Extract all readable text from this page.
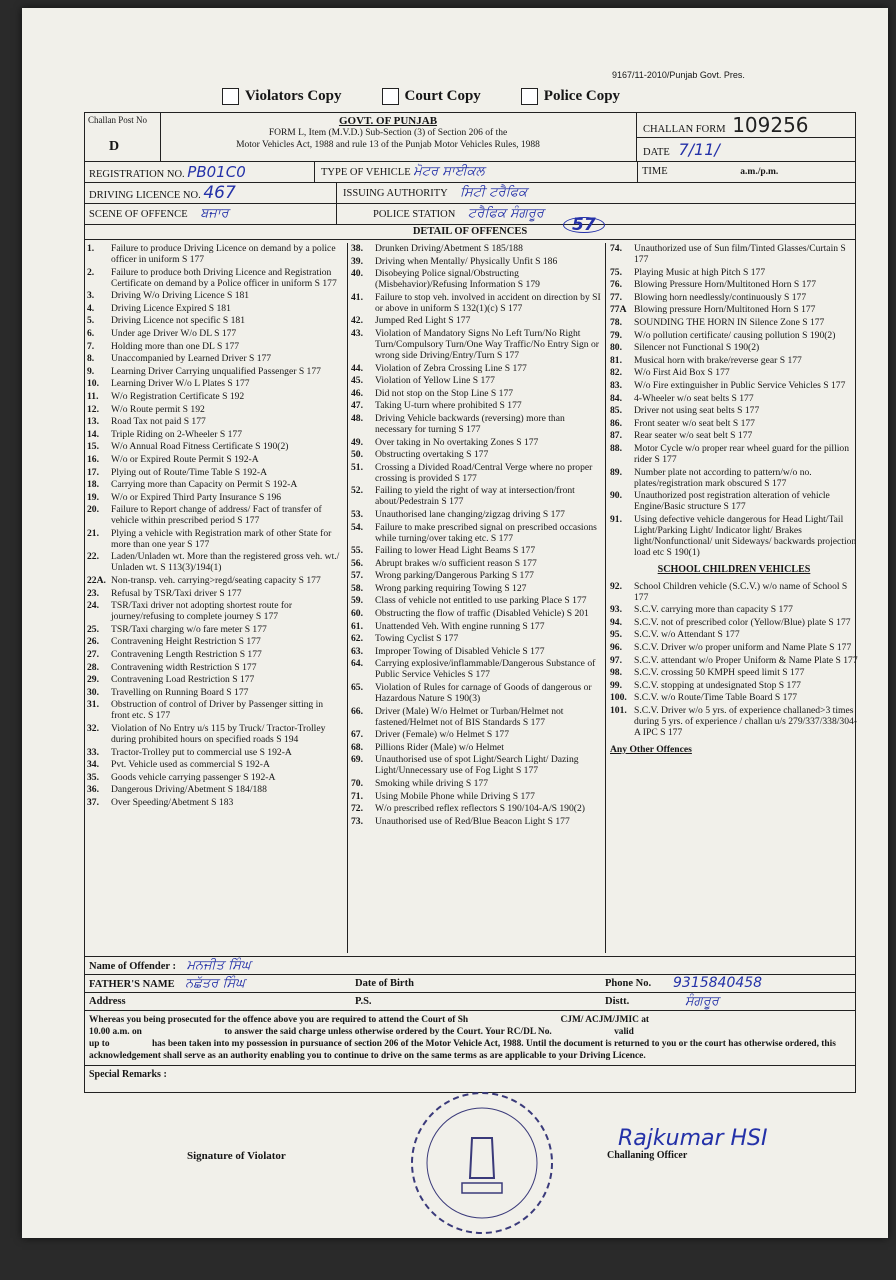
9167/11-2010/Punjab Govt. Pres.
Violators Copy	Court Copy	Police Copy
Challan Post No
D
GOVT. OF PUNJAB
FORM L, Item (M.V.D.) Sub-Section (3) of Section 206 of the
Motor Vehicles Act, 1988 and rule 13 of the Punjab Motor Vehicles Rules, 1988
CHALLAN FORM 109256
DATE 7/11/
REGISTRATION NO. PB01C0	TYPE OF VEHICLE ਮੋਟਰ ਸਾਈਕਲ	TIME	a.m./p.m.
DRIVING LICENCE NO. 467	ISSUING AUTHORITY ਸਿਟੀ ਟਰੈਫਿਕ
SCENE OF OFFENCE ਬਜਾਰ	POLICE STATION ਟਰੈਫਿਕ ਸੰਗਰੂਰ
DETAIL OF OFFENCES	57
1.	Failure to produce Driving Licence on demand by a police officer in uniform S 177
2.	Failure to produce both Driving Licence and Registration Certificate on demand by a Police officer in uniform S 177
3.	Driving W/o Driving Licence S 181
4.	Driving Licence Expired S 181
5.	Driving Licence not specific S 181
6.	Under age Driver W/o DL S 177
7.	Holding more than one DL S 177
8.	Unaccompanied by Learned Driver S 177
9.	Learning Driver Carrying unqualified Passenger S 177
10.	Learning Driver W/o L Plates S 177
11.	W/o Registration Certificate S 192
12.	W/o Route permit S 192
13.	Road Tax not paid S 177
14.	Triple Riding on 2-Wheeler S 177
15.	W/o Annual Road Fitness Certificate S 190(2)
16.	W/o or Expired Route Permit S 192-A
17.	Plying out of Route/Time Table S 192-A
18.	Carrying more than Capacity on Permit S 192-A
19.	W/o or Expired Third Party Insurance S 196
20.	Failure to Report change of address/ Fact of transfer of vehicle within prescribed period S 177
21.	Plying a vehicle with Registration mark of other State for more than one year S 177
22.	Laden/Unladen wt. More than the registered gross veh. wt./ Unladen wt. S 113(3)/194(1)
22A. Non-transp. veh. carrying>regd/seating capacity S 177
23.	Refusal by TSR/Taxi driver S 177
24.	TSR/Taxi driver not adopting shortest route for journey/refusing to complete journey S 177
25.	TSR/Taxi charging w/o fare meter S 177
26.	Contravening Height Restriction S 177
27.	Contravening Length Restriction S 177
28.	Contravening width Restriction S 177
29.	Contravening Load Restriction S 177
30.	Travelling on Running Board S 177
31.	Obstruction of control of Driver by Passenger sitting in front etc. S 177
32.	Violation of No Entry u/s 115 by Truck/ Tractor-Trolley during prohibited hours on specified roads S 194
33.	Tractor-Trolley put to commercial use S 192-A
34.	Pvt. Vehicle used as commercial S 192-A
35.	Goods vehicle carrying passenger S 192-A
36.	Dangerous Driving/Abetment S 184/188
37.	Over Speeding/Abetment S 183
38.	Drunken Driving/Abetment S 185/188
39.	Driving when Mentally/ Physically Unfit S 186
40.	Disobeying Police signal/Obstructing (Misbehavior)/Refusing Information S 179
41.	Failure to stop veh. involved in accident on direction by SI or above in uniform S 132(1)(c) S 177
42.	Jumped Red Light S 177
43.	Violation of Mandatory Signs No Left Turn/No Right Turn/Compulsory Turn/One Way Traffic/No Entry Sign or wrong side Driving/Entry/Turn S 177
44.	Violation of Zebra Crossing Line S 177
45.	Violation of Yellow Line S 177
46.	Did not stop on the Stop Line S 177
47.	Taking U-turn where prohibited S 177
48.	Driving Vehicle backwards (reversing) more than necessary for turning S 177
49.	Over taking in No overtaking Zones S 177
50.	Obstructing overtaking S 177
51.	Crossing a Divided Road/Central Verge where no proper crossing is provided S 177
52.	Failing to yield the right of way at intersection/front about/Pedestrain S 177
53.	Unauthorised lane changing/zigzag driving S 177
54.	Failure to make prescribed signal on prescribed occasions while turning/over taking etc. S 177
55.	Failing to lower Head Light Beams S 177
56.	Abrupt brakes w/o sufficient reason S 177
57.	Wrong parking/Dangerous Parking S 177
58.	Wrong parking requiring Towing S 127
59.	Class of vehicle not entitled to use parking Place S 177
60.	Obstructing the flow of traffic (Disabled Vehicle) S 201
61.	Unattended Veh. With engine running S 177
62.	Towing Cyclist S 177
63.	Improper Towing of Disabled Vehicle S 177
64.	Carrying explosive/inflammable/Dangerous Substance of Public Service Vehicles S 177
65.	Violation of Rules for carnage of Goods of dangerous or Hazardous Nature S 190(3)
66.	Driver (Male) W/o Helmet or Turban/Helmet not fastened/Helmet not of BIS Standards S 177
67.	Driver (Female) w/o Helmet S 177
68.	Pillions Rider (Male) w/o Helmet
69.	Unauthorised use of spot Light/Search Light/ Dazing Light/Unnecessary use of Fog Light S 177
70.	Smoking while driving S 177
71.	Using Mobile Phone while Driving S 177
72.	W/o prescribed reflex reflectors S 190/104-A/S 190(2)
73.	Unauthorised use of Red/Blue Beacon Light S 177
74.	Unauthorized use of Sun film/Tinted Glasses/Curtain S 177
75.	Playing Music at high Pitch S 177
76.	Blowing Pressure Horn/Multitoned Horn S 177
77.	Blowing horn needlessly/continuously S 177
77A Blowing pressure Horn/Multitoned Horn S 177
78.	SOUNDING THE HORN IN Silence Zone S 177
79.	W/o pollution certificate/ causing pollution S 190(2)
80.	Silencer not Functional S 190(2)
81.	Musical horn with brake/reverse gear S 177
82.	W/o First Aid Box S 177
83.	W/o Fire extinguisher in Public Service Vehicles S 177
84.	4-Wheeler w/o seat belts S 177
85.	Driver not using seat belts S 177
86.	Front seater w/o seat belt S 177
87.	Rear seater w/o seat belt S 177
88.	Motor Cycle w/o proper rear wheel guard for the pillion rider S 177
89.	Number plate not according to pattern/w/o no. plates/registration mark obscured S 177
90.	Unauthorized post registration alteration of vehicle Engine/Basic structure S 177
91.	Using defective vehicle dangerous for Head Light/Tail Light/Parking Light/ Indicator light/ Brakes light/Nonfunctional/ unit Sideways/ backwards projection load etc S 190(1)
SCHOOL CHILDREN VEHICLES
92.	School Children vehicle (S.C.V.) w/o name of School S 177
93.	S.C.V. carrying more than capacity S 177
94.	S.C.V. not of prescribed color (Yellow/Blue) plate S 177
95.	S.C.V. w/o Attendant S 177
96.	S.C.V. Driver w/o proper uniform and Name Plate S 177
97.	S.C.V. attendant w/o Proper Uniform & Name Plate S 177
98.	S.C.V. crossing 50 KMPH speed limit S 177
99.	S.C.V. stopping at undesignated Stop S 177
100. S.C.V. w/o Route/Time Table Board S 177
101. S.C.V. Driver w/o 5 yrs. of experience challaned>3 times during 5 yrs. of experience / challan u/s 279/337/338/304-A IPC S 177
Any Other Offences
Name of Offender : ਮਨਜੀਤ ਸਿੰਘ
FATHER'S NAME ਨਛੱਤਰ ਸਿੰਘ	Date of Birth	Phone No. 9315840458
Address	P.S.	Distt.	ਸੰਗਰੂਰ
Whereas you being prosecuted for the offence above you are required to attend the Court of Sh	CJM/ ACJM/JMIC at
10.00 a.m. on	to answer the said charge unless otherwise ordered by the Court. Your RC/DL No.	valid
up to	has been taken into my possession in pursuance of section 206 of the Motor Vehicle Act, 1988. Until the document is returned to you or the court has otherwise ordered, this acknowledgement shall serve as an authority enabling you to continue to drive on the same terms as are applicable to your Driving Licence.
Special Remarks :
Rajkumar HSI
Signature of Violator	Challaning Officer
